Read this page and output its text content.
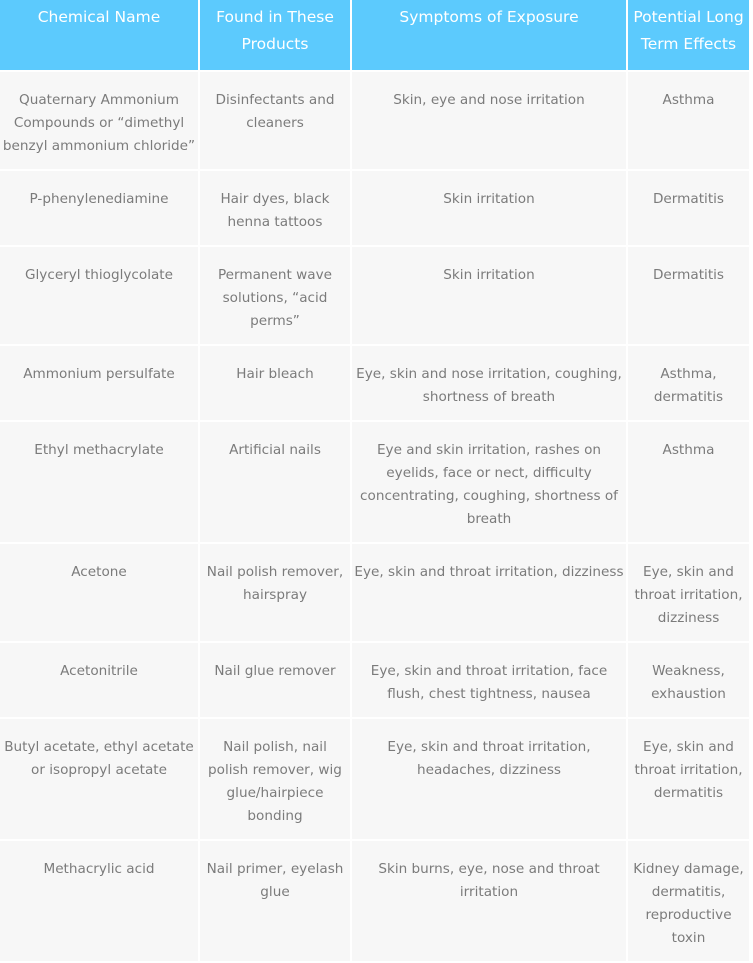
Chemical Name	Found in These Products	Symptoms of Exposure	Potential Long Term Effects
Quaternary Ammonium Compounds or “dimethyl benzyl ammonium chloride”	Disinfectants and cleaners	Skin, eye and nose irritation	Asthma
P-phenylenediamine	Hair dyes, black henna tattoos	Skin irritation	Dermatitis
Glyceryl thioglycolate	Permanent wave solutions, “acid perms”	Skin irritation	Dermatitis
Ammonium persulfate	Hair bleach	Eye, skin and nose irritation, coughing, shortness of breath	Asthma, dermatitis
Ethyl methacrylate	Artificial nails	Eye and skin irritation, rashes on eyelids, face or nect, difficulty concentrating, coughing, shortness of breath	Asthma
Acetone	Nail polish remover, hairspray	Eye, skin and throat irritation, dizziness	Eye, skin and throat irritation, dizziness
Acetonitrile	Nail glue remover	Eye, skin and throat irritation, face flush, chest tightness, nausea	Weakness, exhaustion
Butyl acetate, ethyl acetate or isopropyl acetate	Nail polish, nail polish remover, wig glue/hairpiece bonding	Eye, skin and throat irritation, headaches, dizziness	Eye, skin and throat irritation, dermatitis
Methacrylic acid	Nail primer, eyelash glue	Skin burns, eye, nose and throat irritation	Kidney damage, dermatitis, reproductive toxin
